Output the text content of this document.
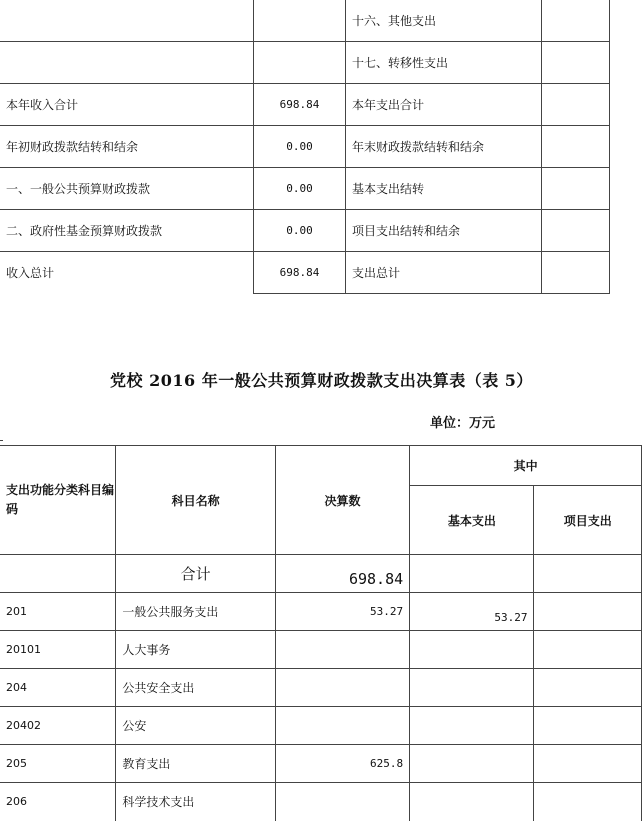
		十六、其他支出	
		十七、转移性支出	
本年收入合计	698.84	本年支出合计	
年初财政拨款结转和结余	0.00	年末财政拨款结转和结余	
一、一般公共预算财政拨款	0.00	基本支出结转	
二、政府性基金预算财政拨款	0.00	项目支出结转和结余	
收入总计	698.84	支出总计	
党校 2016 年一般公共预算财政拨款支出决算表（表 5）
单位：万元
支出功能分类科目编码	科目名称	决算数	其中	
			基本支出	项目支出
	合计	698.84		
201	一般公共服务支出	53.27	53.27	
20101	人大事务			
204	公共安全支出			
20402	公安			
205	教育支出	625.8		
206	科学技术支出			
